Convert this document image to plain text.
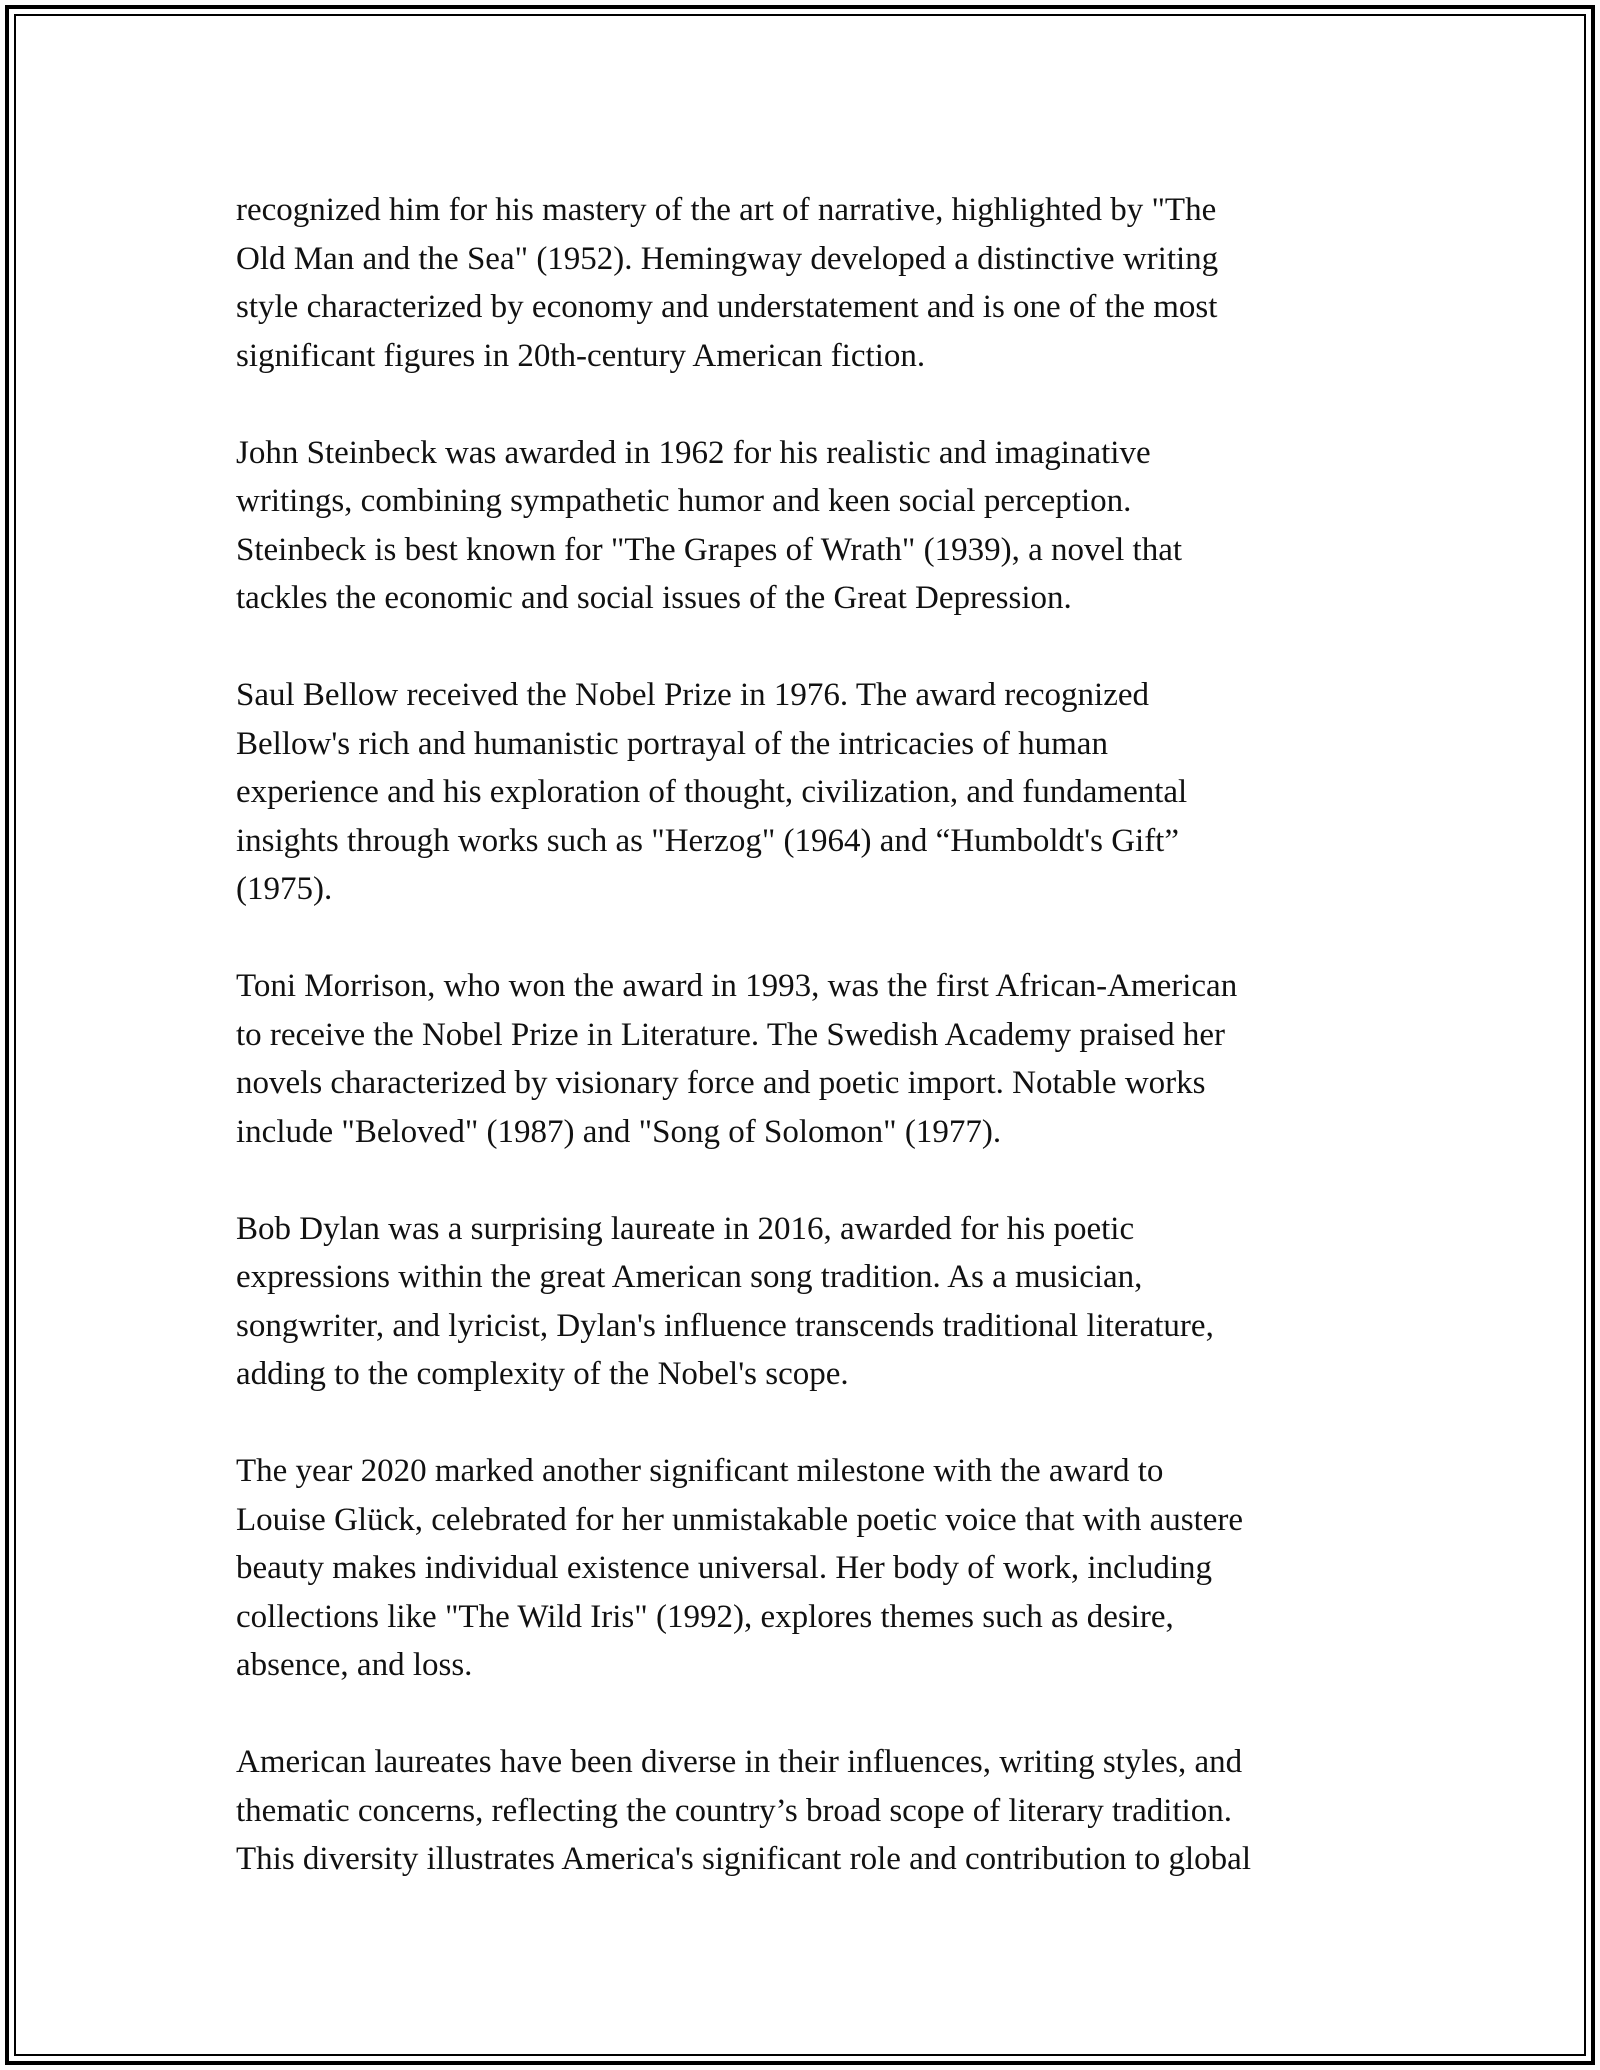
recognized him for his mastery of the art of narrative, highlighted by "The
Old Man and the Sea" (1952). Hemingway developed a distinctive writing
style characterized by economy and understatement and is one of the most
significant figures in 20th-century American fiction.

John Steinbeck was awarded in 1962 for his realistic and imaginative
writings, combining sympathetic humor and keen social perception.
Steinbeck is best known for "The Grapes of Wrath" (1939), a novel that
tackles the economic and social issues of the Great Depression.

Saul Bellow received the Nobel Prize in 1976. The award recognized
Bellow's rich and humanistic portrayal of the intricacies of human
experience and his exploration of thought, civilization, and fundamental
insights through works such as "Herzog" (1964) and “Humboldt's Gift”
(1975).

Toni Morrison, who won the award in 1993, was the first African-American
to receive the Nobel Prize in Literature. The Swedish Academy praised her
novels characterized by visionary force and poetic import. Notable works
include "Beloved" (1987) and "Song of Solomon" (1977).

Bob Dylan was a surprising laureate in 2016, awarded for his poetic
expressions within the great American song tradition. As a musician,
songwriter, and lyricist, Dylan's influence transcends traditional literature,
adding to the complexity of the Nobel's scope.

The year 2020 marked another significant milestone with the award to
Louise Glück, celebrated for her unmistakable poetic voice that with austere
beauty makes individual existence universal. Her body of work, including
collections like "The Wild Iris" (1992), explores themes such as desire,
absence, and loss.

American laureates have been diverse in their influences, writing styles, and
thematic concerns, reflecting the country’s broad scope of literary tradition.
This diversity illustrates America's significant role and contribution to global
